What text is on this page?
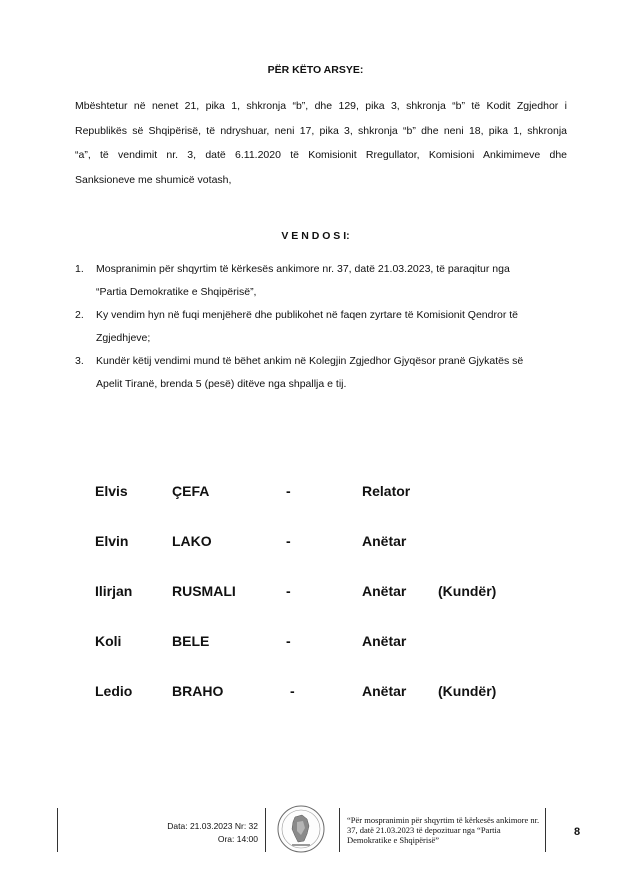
PËR KËTO ARSYE:
Mbështetur në nenet 21, pika 1, shkronja “b”, dhe 129, pika 3, shkronja “b” të Kodit Zgjedhor i
Republikës së Shqipërisë, të ndryshuar, neni 17, pika 3, shkronja “b” dhe neni 18, pika 1, shkronja
“a”, të vendimit nr. 3, datë 6.11.2020 të Komisionit Rregullator, Komisioni Ankimimeve dhe
Sanksioneve me shumicë votash,
V E N D O S I:
1. Mospranimin për shqyrtim të kërkesës ankimore nr. 37, datë 21.03.2023, të paraqitur nga
“Partia Demokratike e Shqipërisë”,
2. Ky vendim hyn në fuqi menjëherë dhe publikohet në faqen zyrtare të Komisionit Qendror të
Zgjedhjeve;
3. Kundër këtij vendimi mund të bëhet ankim në Kolegjin Zgjedhor Gjyqësor pranë Gjykatës së
Apelit Tiranë, brenda 5 (pesë) ditëve nga shpallja e tij.
Elvis	ÇEFA	-	Relator
Elvin	LAKO	-	Anëtar
Ilirjan	RUSMALI	-	Anëtar (Kundër)
Koli	BELE	-	Anëtar
Ledio	BRAHO	-	Anëtar (Kundër)
Data: 21.03.2023 Nr: 32
Ora: 14:00
“Për mospranimin për shqyrtim të kërkesës ankimore nr.
37, datë 21.03.2023 të depozituar nga “Partia
Demokratike e Shqipërisë”
8
